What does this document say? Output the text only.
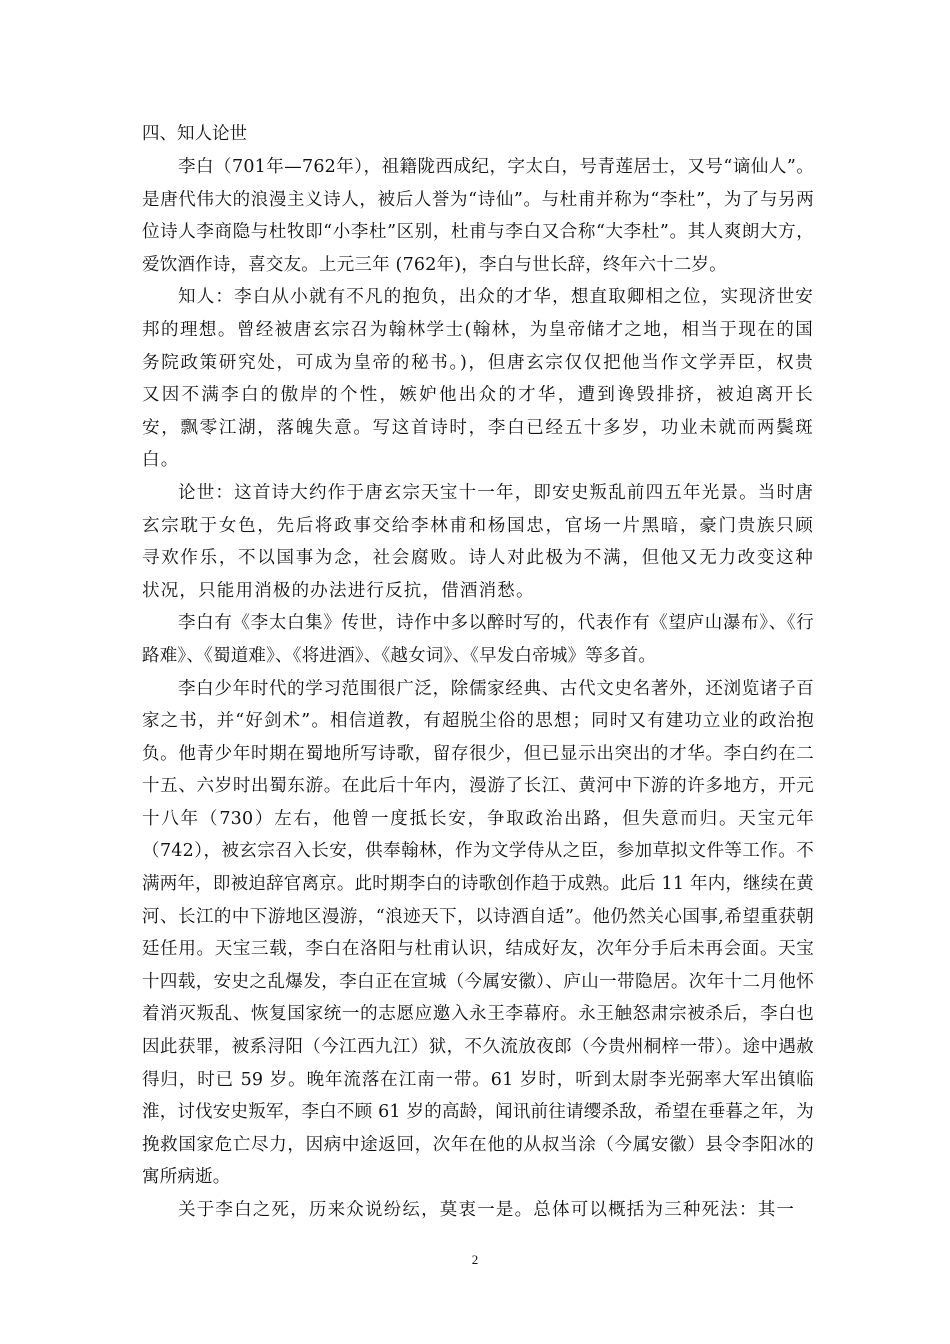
四、知人论世

李白（701年—762年），祖籍陇西成纪，字太白，号青莲居士，又号“谪仙人”。是唐代伟大的浪漫主义诗人，被后人誉为“诗仙”。与杜甫并称为“李杜”，为了与另两位诗人李商隐与杜牧即“小李杜”区别，杜甫与李白又合称“大李杜”。其人爽朗大方，爱饮酒作诗，喜交友。上元三年 (762年)，李白与世长辞，终年六十二岁。

知人：李白从小就有不凡的抱负，出众的才华，想直取卿相之位，实现济世安邦的理想。曾经被唐玄宗召为翰林学士(翰林，为皇帝储才之地，相当于现在的国务院政策研究处，可成为皇帝的秘书。)，但唐玄宗仅仅把他当作文学弄臣，权贵又因不满李白的傲岸的个性，嫉妒他出众的才华，遭到谗毁排挤，被迫离开长安，飘零江湖，落魄失意。写这首诗时，李白已经五十多岁，功业未就而两鬓斑白。

论世：这首诗大约作于唐玄宗天宝十一年，即安史叛乱前四五年光景。当时唐玄宗耽于女色，先后将政事交给李林甫和杨国忠，官场一片黑暗，豪门贵族只顾寻欢作乐，不以国事为念，社会腐败。诗人对此极为不满，但他又无力改变这种状况，只能用消极的办法进行反抗，借酒消愁。

李白有《李太白集》传世，诗作中多以醉时写的，代表作有《望庐山瀑布》、《行路难》、《蜀道难》、《将进酒》、《越女词》、《早发白帝城》等多首。

李白少年时代的学习范围很广泛，除儒家经典、古代文史名著外，还浏览诸子百家之书，并“好剑术”。相信道教，有超脱尘俗的思想；同时又有建功立业的政治抱负。他青少年时期在蜀地所写诗歌，留存很少，但已显示出突出的才华。李白约在二十五、六岁时出蜀东游。在此后十年内，漫游了长江、黄河中下游的许多地方，开元十八年（730）左右，他曾一度抵长安，争取政治出路，但失意而归。天宝元年（742），被玄宗召入长安，供奉翰林，作为文学侍从之臣，参加草拟文件等工作。不满两年，即被迫辞官离京。此时期李白的诗歌创作趋于成熟。此后 11 年内，继续在黄河、长江的中下游地区漫游，“浪迹天下，以诗酒自适”。他仍然关心国事,希望重获朝廷任用。天宝三载，李白在洛阳与杜甫认识，结成好友，次年分手后未再会面。天宝十四载，安史之乱爆发，李白正在宣城（今属安徽）、庐山一带隐居。次年十二月他怀着消灭叛乱、恢复国家统一的志愿应邀入永王李幕府。永王触怒肃宗被杀后，李白也因此获罪，被系浔阳（今江西九江）狱，不久流放夜郎（今贵州桐梓一带）。途中遇赦得归，时已 59 岁。晚年流落在江南一带。61 岁时，听到太尉李光弼率大军出镇临淮，讨伐安史叛军，李白不顾 61 岁的高龄，闻讯前往请缨杀敌，希望在垂暮之年，为挽救国家危亡尽力，因病中途返回，次年在他的从叔当涂（今属安徽）县令李阳冰的寓所病逝。

关于李白之死，历来众说纷纭，莫衷一是。总体可以概括为三种死法：其一

2
